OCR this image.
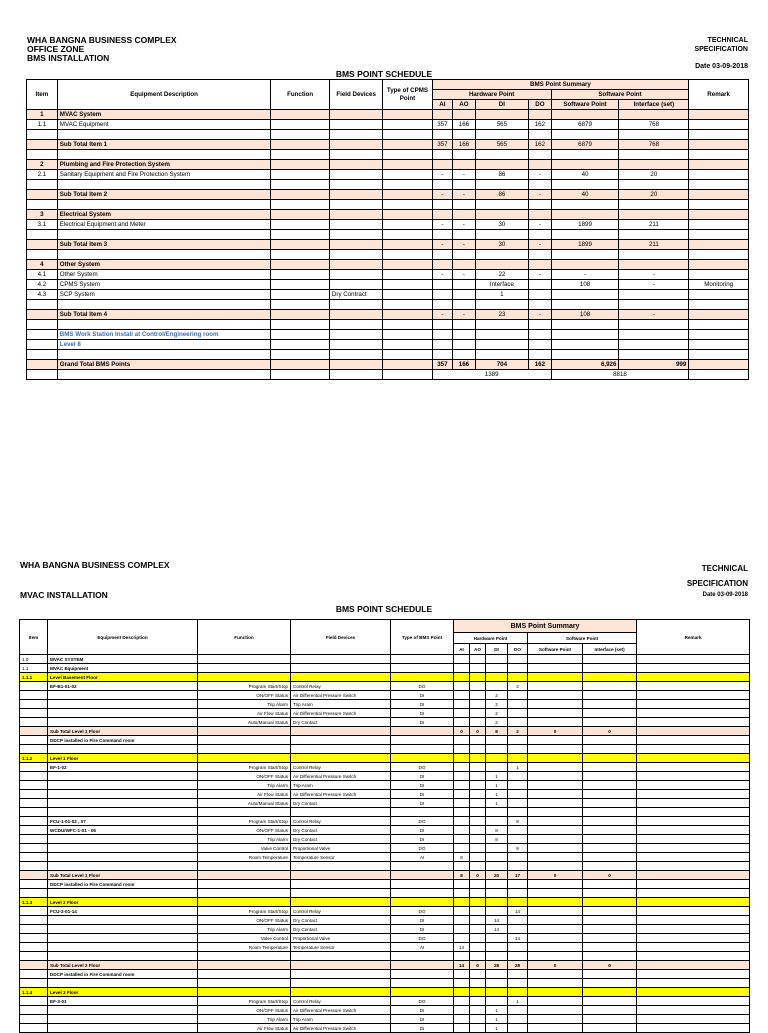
WHA BANGNA BUSINESS COMPLEX
OFFICE ZONE
BMS INSTALLATION
TECHNICAL
SPECIFICATION
Date 03-09-2018
BMS POINT SCHEDULE
Item	Equipment Description	Function	Field Devices	Type of CPMS Point	BMS Point Summary						Remark
					Hardware Point				Software Point		
					AI	AO	DI	DO	Software Point	Interface (set)	
1	MVAC System										
1.1	MVAC Equipment				357	166	565	162	6879	768	

	Sub Total Item 1				357	166	565	162	6879	768	

2	Plumbing and Fire Protection System										
2.1	Sanitary Equipment and Fire Protection System				-	-	86	-	40	20	

	Sub Total Item 2				-	-	86	-	40	20	

3	Electrical System										
3.1	Electrical Equipment and Meter				-	-	30	-	1899	211	

	Sub Total Item 3				-	-	30	-	1899	211	

4	Other System										
4.1	Other System				-	-	22	-	-	-	
4.2	CPMS System						Interface		108	-	Monitoring
4.3	SCP System		Dry Contract				1				

	Sub Total Item 4				-	-	23	-	108	-	

	BMS Work Station Install at Control/Engineering room										
	Level 8										

	Grand Total BMS Points				357	166	704	162	6,926	999	
					1389				8818		
WHA BANGNA BUSINESS COMPLEX
MVAC INSTALLATION
TECHNICAL
SPECIFICATION
Date 03-09-2018
BMS POINT SCHEDULE
Item	Equipment Description	Function	Field Devices	Type of BMS Point	BMS Point Summary						Remark
					Hardware Point				Software Point		
					AI	AO	DI	DO	Software Point	Interface (set)	
1.0	MVAC SYSTEM										
1.1	MVAC Equipment										
1.1.1	Level Basement Floor										
	EF-B1-01-02	Program Start/Stop	Control Relay	DO				2			
		ON/OFF Status	Air Differential Pressure Switch	DI			2				
		Trip Alarm	Trip Aram	DI			2				
		Air Flow Status	Air Differential Pressure Switch	DI			2				
		Auto/Manual Status	Dry Contact	DI			2				
	Sub Total Level 1 Floor				0	0	8	2	0	0	
	DDCP installed in Fire Command room										

1.1.2	Level 1 Floor										
	EF-1-02	Program Start/Stop	Control Relay	DO				1			
		ON/OFF Status	Air Differential Pressure Switch	DI			1				
		Trip Alarm	Trip Aram	DI			1				
		Air Flow Status	Air Differential Pressure Switch	DI			1				
		Auto/Manual Status	Dry Contact	DI			1				

	FCU-1-01-02 , 07	Program Start/Stop	Control Relay	DO				8			
	WCDU/WFC-1-01 - 05	ON/OFF Status	Dry Contact	DI			8				
		Trip Alarm	Dry Contact	DI			8				
		Valve Control	Proportional Valve	DO				8			
		Room Temperature	Temperature Sensor	AI	8						

	Sub Total Level 1 Floor				8	0	20	17	0	0	
	DDCP installed in Fire Command room										

1.1.3	Level 2 Floor										
	FCU-2-01-14	Program Start/Stop	Control Relay	DO				14			
		ON/OFF Status	Dry Contact	DI			14				
		Trip Alarm	Dry Contact	DI			14				
		Valve Control	Proportional Valve	DO				14			
		Room Temperature	Temperature Sensor	AI	14						

	Sub Total Level 2 Floor				14	0	28	28	0	0	
	DDCP installed in Fire Command room										

1.1.4	Level 3 Floor										
	EF-3-01	Program Start/Stop	Control Relay	DO				1			
		ON/OFF Status	Air Differential Pressure Switch	DI			1				
		Trip Alarm	Trip Aram	DI			1				
		Air Flow Status	Air Differential Pressure Switch	DI			1				
